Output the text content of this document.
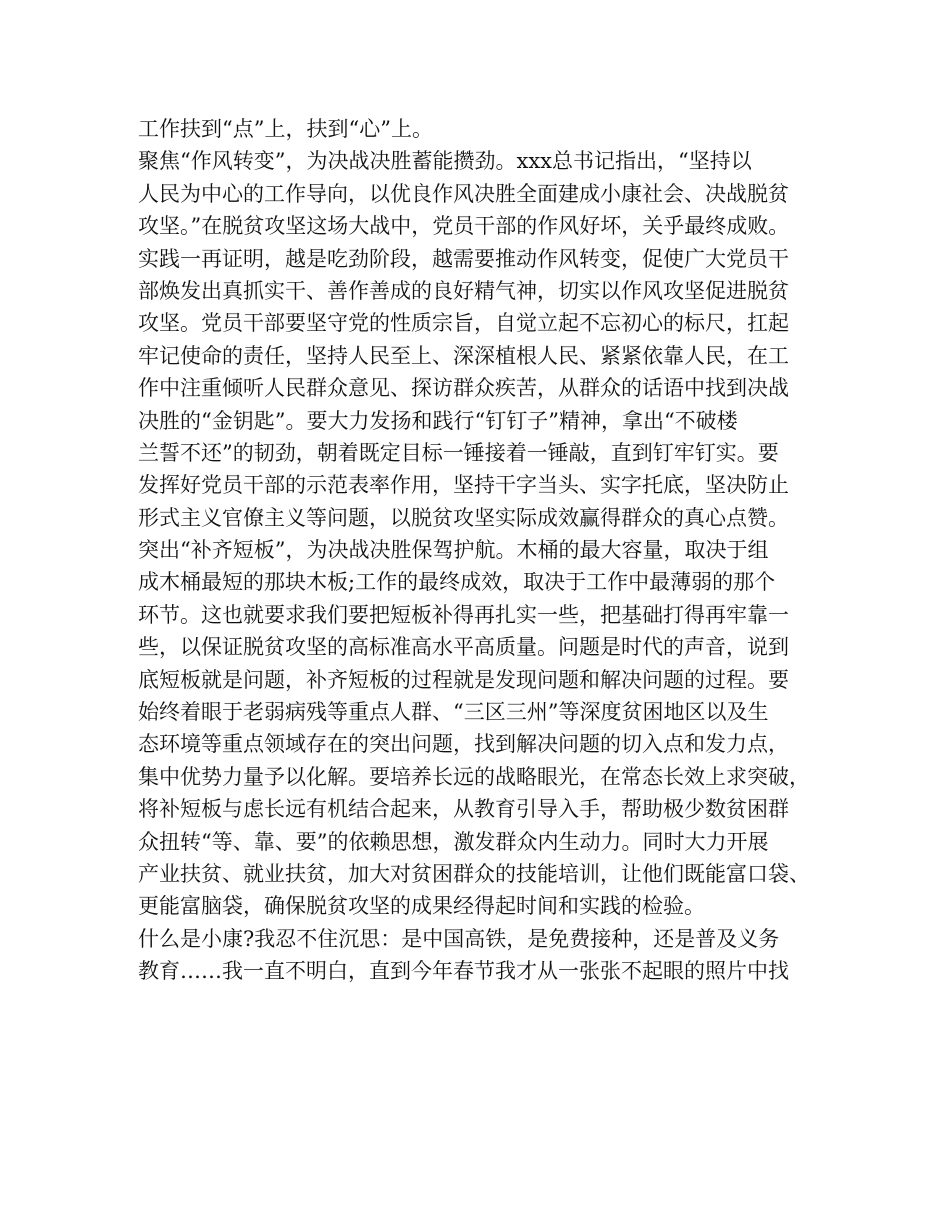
工作扶到“点”上，扶到“心”上。
聚焦“作风转变”，为决战决胜蓄能攒劲。xxx总书记指出，“坚持以
人民为中心的工作导向，以优良作风决胜全面建成小康社会、决战脱贫
攻坚。”在脱贫攻坚这场大战中，党员干部的作风好坏，关乎最终成败。
实践一再证明，越是吃劲阶段，越需要推动作风转变，促使广大党员干
部焕发出真抓实干、善作善成的良好精气神，切实以作风攻坚促进脱贫
攻坚。党员干部要坚守党的性质宗旨，自觉立起不忘初心的标尺，扛起
牢记使命的责任，坚持人民至上、深深植根人民、紧紧依靠人民，在工
作中注重倾听人民群众意见、探访群众疾苦，从群众的话语中找到决战
决胜的“金钥匙”。要大力发扬和践行“钉钉子”精神，拿出“不破楼
兰誓不还”的韧劲，朝着既定目标一锤接着一锤敲，直到钉牢钉实。要
发挥好党员干部的示范表率作用，坚持干字当头、实字托底，坚决防止
形式主义官僚主义等问题，以脱贫攻坚实际成效赢得群众的真心点赞。
突出“补齐短板”，为决战决胜保驾护航。木桶的最大容量，取决于组
成木桶最短的那块木板;工作的最终成效，取决于工作中最薄弱的那个
环节。这也就要求我们要把短板补得再扎实一些，把基础打得再牢靠一
些，以保证脱贫攻坚的高标准高水平高质量。问题是时代的声音，说到
底短板就是问题，补齐短板的过程就是发现问题和解决问题的过程。要
始终着眼于老弱病残等重点人群、“三区三州”等深度贫困地区以及生
态环境等重点领域存在的突出问题，找到解决问题的切入点和发力点，
集中优势力量予以化解。要培养长远的战略眼光，在常态长效上求突破，
将补短板与虑长远有机结合起来，从教育引导入手，帮助极少数贫困群
众扭转“等、靠、要”的依赖思想，激发群众内生动力。同时大力开展
产业扶贫、就业扶贫，加大对贫困群众的技能培训，让他们既能富口袋、
更能富脑袋，确保脱贫攻坚的成果经得起时间和实践的检验。
什么是小康?我忍不住沉思：是中国高铁，是免费接种，还是普及义务
教育……我一直不明白，直到今年春节我才从一张张不起眼的照片中找
